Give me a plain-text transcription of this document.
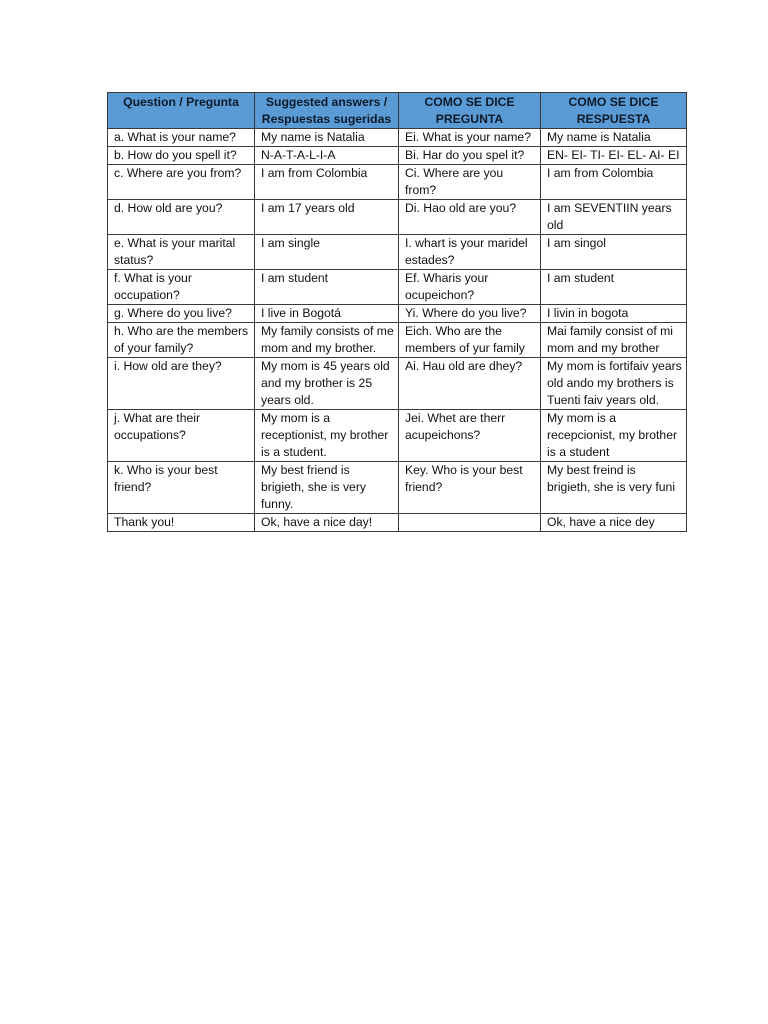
Question / Pregunta	Suggested answers / Respuestas sugeridas	COMO SE DICE PREGUNTA	COMO SE DICE RESPUESTA
a. What is your name?	My name is Natalia	Ei. What is your name?	My name is Natalia
b. How do you spell it?	N-A-T-A-L-I-A	Bi. Har do you spel it?	EN- EI- TI- EI- EL- AI- EI
c. Where are you from?	I am from Colombia	Ci. Where are you from?	I am from Colombia
d. How old are you?	I am 17 years old	Di. Hao old are you?	I am SEVENTIIN years old
e. What is your marital status?	I am single	I. whart is your maridel estades?	I am singol
f. What is your occupation?	I am student	Ef. Wharis your ocupeichon?	I am student
g. Where do you live?	I live in Bogotá	Yi. Where do you live?	I livin in bogota
h. Who are the members of your family?	My family consists of me mom and my brother.	Eich. Who are the members of yur family	Mai family consist of mi mom and my brother
i. How old are they?	My mom is 45 years old and my brother is 25 years old.	Ai. Hau old are dhey?	My mom is fortifaiv years old ando my brothers is Tuenti faiv years old.
j. What are their occupations?	My mom is a receptionist, my brother is a student.	Jei. Whet are therr acupeichons?	My mom is a recepcionist, my brother is a student
k. Who is your best friend?	My best friend is brigieth, she is very funny.	Key. Who is your best friend?	My best freind is brigieth, she is very funi
Thank you!	Ok, have a nice day!		Ok, have a nice dey
